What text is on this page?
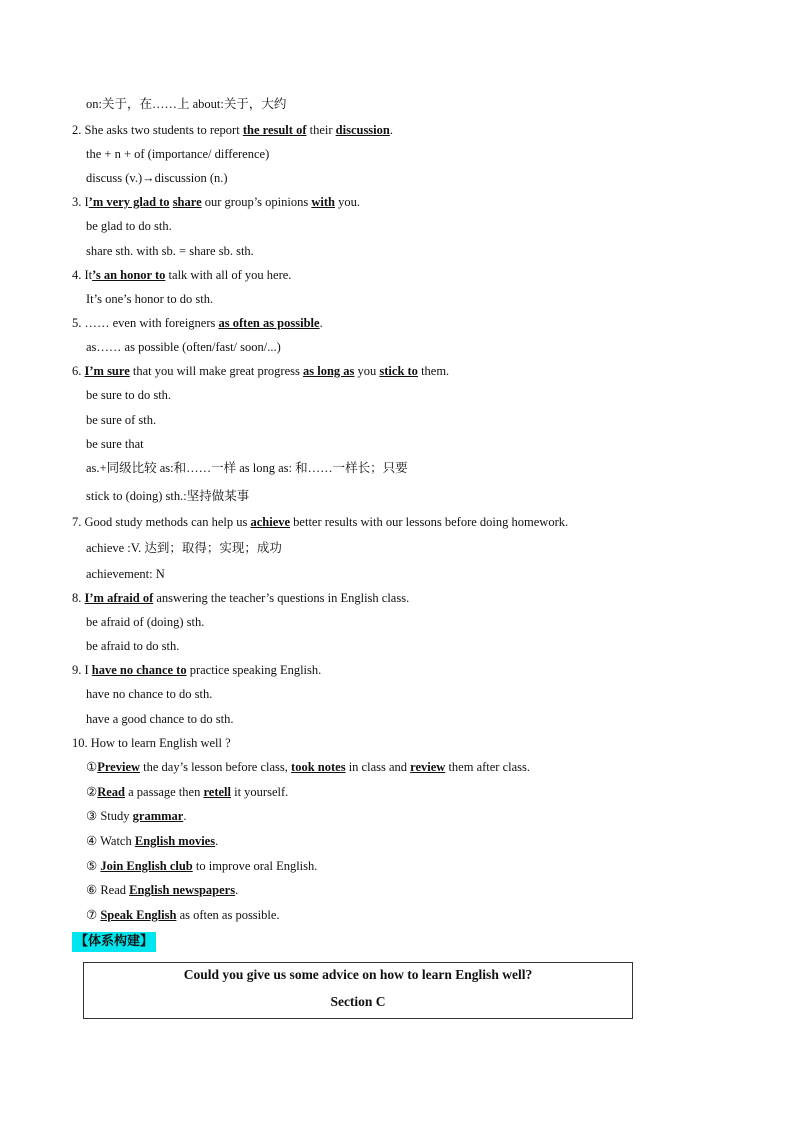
on:关于，在……上 about:关于，大约
2. She asks two students to report the result of their discussion.
the + n + of (importance/ difference)
discuss (v.)→discussion (n.)
3. I’m very glad to share our group’s opinions with you.
be glad to do sth.
share sth. with sb. = share sb. sth.
4. It’s an honor to talk with all of you here.
It’s one’s honor to do sth.
5. …… even with foreigners as often as possible.
as…… as possible (often/fast/ soon/...)
6. I’m sure that you will make great progress as long as you stick to them.
be sure to do sth.
be sure of sth.
be sure that
as.+同级比较 as:和……一样 as long as: 和……一样长；只要
stick to (doing) sth.:坚持做某事
7. Good study methods can help us achieve better results with our lessons before doing homework.
achieve :V. 达到；取得；实现；成功
achievement: N
8. I’m afraid of answering the teacher’s questions in English class.
be afraid of (doing) sth.
be afraid to do sth.
9. I have no chance to practice speaking English.
have no chance to do sth.
have a good chance to do sth.
10. How to learn English well ?
①Preview the day’s lesson before class, took notes in class and review them after class.
②Read a passage then retell it yourself.
③ Study grammar.
④ Watch English movies.
⑤ Join English club to improve oral English.
⑥ Read English newspapers.
⑦ Speak English as often as possible.
【体系构建】
Could you give us some advice on how to learn English well?
Section C
